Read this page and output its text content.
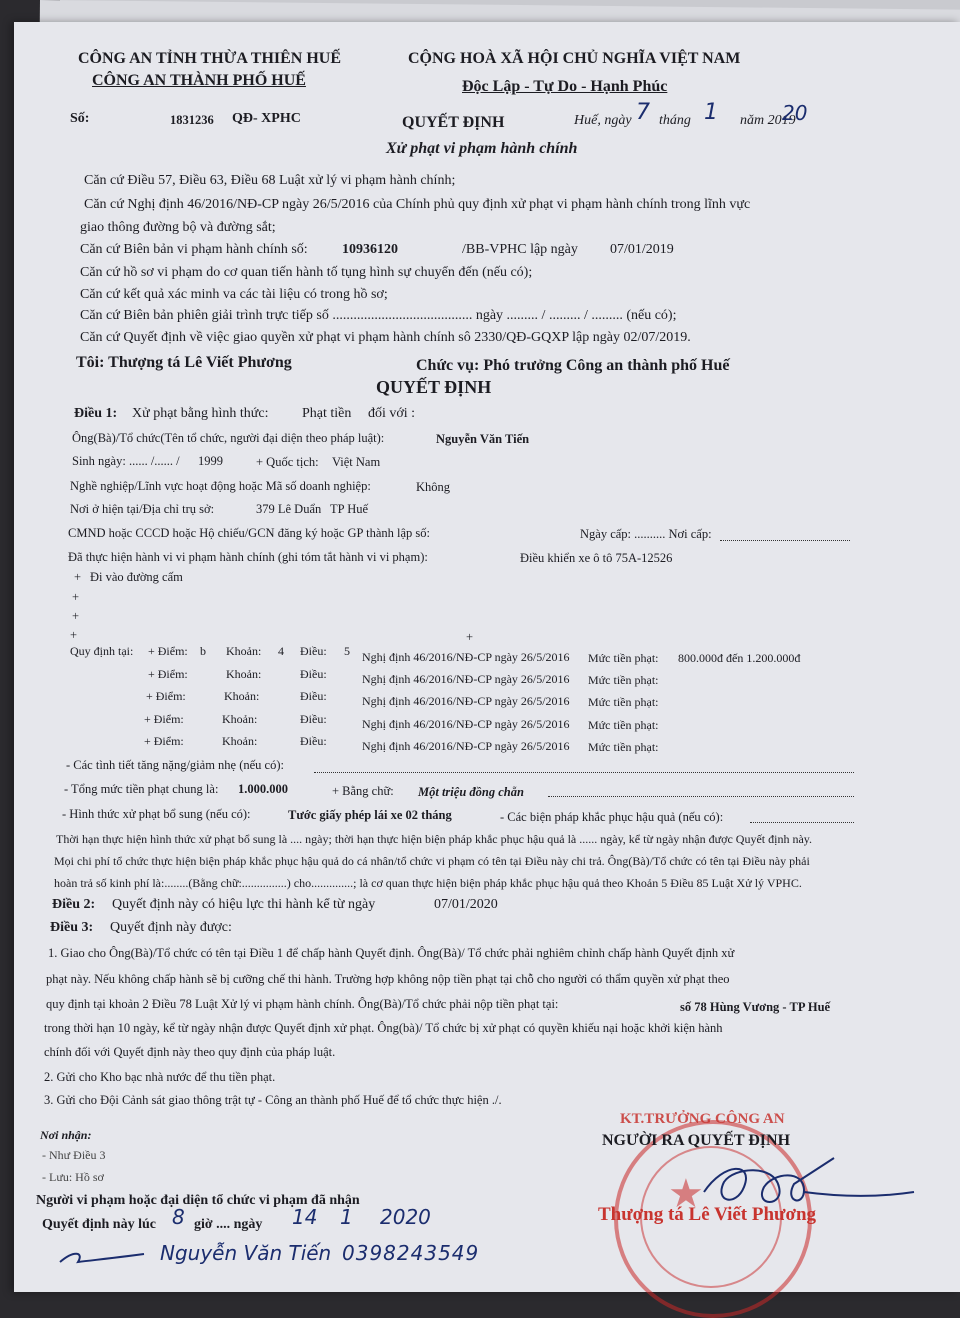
CÔNG AN TỈNH THỪA THIÊN HUẾ
CÔNG AN THÀNH PHỐ HUẾ
CỘNG HOÀ XÃ HỘI CHỦ NGHĨA VIỆT NAM
Độc Lập - Tự Do - Hạnh Phúc
Số:	1831236 QĐ- XPHC	QUYẾT ĐỊNH	Huế, ngày 7 tháng 1 năm 2019
20
Xử phạt vi phạm hành chính
Căn cứ Điều 57, Điều 63, Điều 68 Luật xử lý vi phạm hành chính;
Căn cứ Nghị định 46/2016/NĐ-CP ngày 26/5/2016 của Chính phủ quy định xử phạt vi phạm hành chính trong lĩnh vực
giao thông đường bộ và đường sắt;
Căn cứ Biên bản vi phạm hành chính số: 10936120	/BB-VPHC lập ngày 07/01/2019
Căn cứ hồ sơ vi phạm do cơ quan tiến hành tố tụng hình sự chuyển đến (nếu có);
Căn cứ kết quả xác minh va các tài liệu có trong hồ sơ;
Căn cứ Biên bản phiên giải trình trực tiếp số ........................................ ngày ......... / ......... / ......... (nếu có);
Căn cứ Quyết định về việc giao quyền xử phạt vi phạm hành chính sô 2330/QĐ-GQXP lập ngày 02/07/2019.
Tôi: Thượng tá Lê Viết Phương	Chức vụ: Phó trưởng Công an thành phố Huế
QUYẾT ĐỊNH
Điều 1: Xử phạt bằng hình thức: Phạt tiền đối với :
Ông(Bà)/Tổ chức(Tên tổ chức, người đại diện theo pháp luật):	Nguyễn Văn Tiến
Sinh ngày: ...... /...... / 1999	+ Quốc tịch: Việt Nam
Nghề nghiệp/Lĩnh vực hoạt động hoặc Mã số doanh nghiệp:	Không
Nơi ở hiện tại/Địa chỉ trụ sở:	379 Lê Duẩn TP Huế
CMND hoặc CCCD hoặc Hộ chiếu/GCN đăng ký hoặc GP thành lập số:	Ngày cấp: .......... Nơi cấp:
Đã thực hiện hành vi vi phạm hành chính (ghi tóm tắt hành vi vi phạm):	Điều khiển xe ô tô 75A-12526
+ Đi vào đường cấm
+
+
+	+
Quy định tại: + Điểm: b Khoản: 4 Điều: 5 Nghị định 46/2016/NĐ-CP ngày 26/5/2016 Mức tiền phạt: 800.000đ đến 1.200.000đ
+ Điểm:	Khoản:	Điều:	Nghị định 46/2016/NĐ-CP ngày 26/5/2016 Mức tiền phạt:
+ Điểm:	Khoản:	Điều:	Nghị định 46/2016/NĐ-CP ngày 26/5/2016 Mức tiền phạt:
+ Điểm:	Khoản:	Điều:	Nghị định 46/2016/NĐ-CP ngày 26/5/2016 Mức tiền phạt:
+ Điểm:	Khoản:	Điều:	Nghị định 46/2016/NĐ-CP ngày 26/5/2016 Mức tiền phạt:
- Các tình tiết tăng nặng/giảm nhẹ (nếu có):
- Tổng mức tiền phạt chung là: 1.000.000	+ Bằng chữ: Một triệu đồng chẵn
- Hình thức xử phạt bổ sung (nếu có):	Tước giấy phép lái xe 02 tháng	- Các biện pháp khắc phục hậu quả (nếu có):
Thời hạn thực hiện hình thức xử phạt bổ sung là .... ngày; thời hạn thực hiện biện pháp khắc phục hậu quả là ...... ngày, kể từ ngày nhận được Quyết định này.
Mọi chi phí tổ chức thực hiện biện pháp khắc phục hậu quả do cá nhân/tổ chức vi phạm có tên tại Điều này chi trả. Ông(Bà)/Tổ chức có tên tại Điều này phải
hoàn trả số kinh phí là:........(Bằng chữ:...............) cho..............; là cơ quan thực hiện biện pháp khắc phục hậu quả theo Khoản 5 Điều 85 Luật Xử lý VPHC.
Điều 2: Quyết định này có hiệu lực thi hành kể từ ngày	07/01/2020
Điều 3: Quyết định này được:
1. Giao cho Ông(Bà)/Tổ chức có tên tại Điều 1 để chấp hành Quyết định. Ông(Bà)/ Tổ chức phải nghiêm chỉnh chấp hành Quyết định xử
phạt này. Nếu không chấp hành sẽ bị cưỡng chế thi hành. Trường hợp không nộp tiền phạt tại chỗ cho người có thẩm quyền xử phạt theo
quy định tại khoản 2 Điều 78 Luật Xử lý vi phạm hành chính. Ông(Bà)/Tổ chức phải nộp tiền phạt tại:	số 78 Hùng Vương - TP Huế
trong thời hạn 10 ngày, kể từ ngày nhận được Quyết định xử phạt. Ông(bà)/ Tổ chức bị xử phạt có quyền khiếu nại hoặc khởi kiện hành
chính đối với Quyết định này theo quy định của pháp luật.
2. Gửi cho Kho bạc nhà nước để thu tiền phạt.
3. Gửi cho Đội Cảnh sát giao thông trật tự - Công an thành phố Huế để tổ chức thực hiện ./.
Nơi nhận:
- Như Điều 3
- Lưu: Hồ sơ	★
KT.TRƯỞNG CÔNG AN
NGƯỜI RA QUYẾT ĐỊNH
Thượng tá Lê Viết Phương
Người vi phạm hoặc đại diện tổ chức vi phạm đã nhận
Quyết định này lúc 8 giờ .... ngày 14 1 2020
Nguyễn Văn Tiến 0398243549
